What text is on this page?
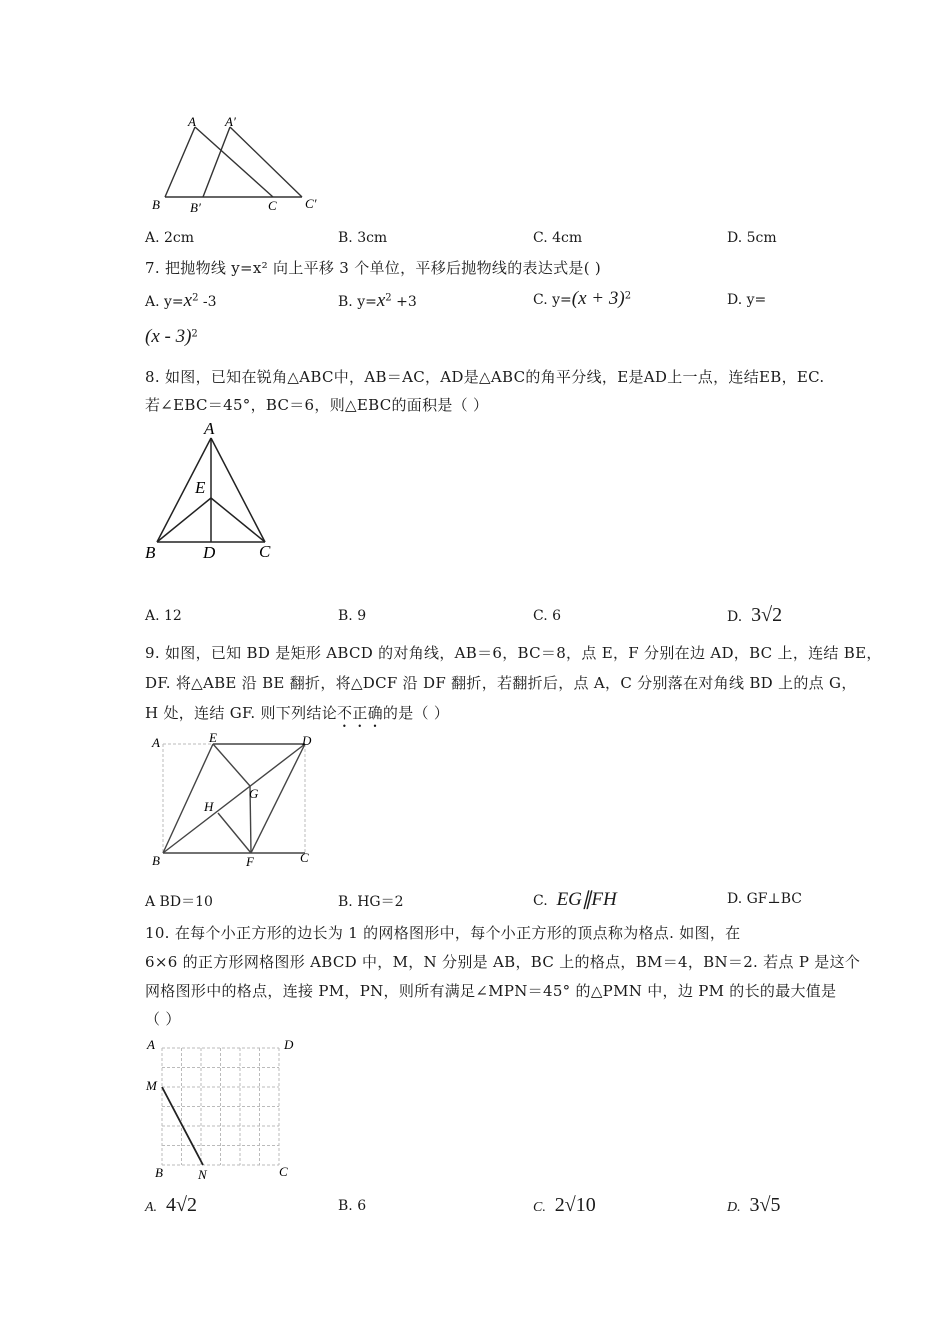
A A′
B B′	C C′
A. 2cm	B. 3cm	C. 4cm	D. 5cm
7. 把抛物线 y=x² 向上平移 3 个单位，平移后抛物线的表达式是( )
A. $y=x^2$ -3	B. $y=x^2 +3$	C. $y=(x + 3)^2$	D. y=
(x - 3)$^2$
8. 如图，已知在锐角△ABC中，AB＝AC，AD是△ABC的角平分线，E是AD上一点，连结EB，EC.
若∠EBC＝45°，BC＝6，则△EBC的面积是（ ）
A
E
B	D	C
A. 12	B. 9	C. 6	D. 3√2
9. 如图，已知 BD 是矩形 ABCD 的对角线，AB＝6，BC＝8，点 E，F 分别在边 AD，BC 上，连结 BE，
DF. 将△ABE 沿 BE 翻折，将△DCF 沿 DF 翻折，若翻折后，点 A，C 分别落在对角线 BD 上的点 G，
H 处，连结 GF. 则下列结论不正确的是（ ）
A	E	D
H
G
B	F	C
A BD＝10	B. HG＝2	C. EG∥FH	D. GF⊥BC
10. 在每个小正方形的边长为 1 的网格图形中，每个小正方形的顶点称为格点. 如图，在
6×6 的正方形网格图形 ABCD 中，M，N 分别是 AB，BC 上的格点，BM＝4，BN＝2. 若点 P 是这个
网格图形中的格点，连接 PM，PN，则所有满足∠MPN＝45° 的△PMN 中，边 PM 的长的最大值是
（ ）
A	D
M
B	N	C
A. 4√2	B. 6	C. 2√10	D. 3√5
